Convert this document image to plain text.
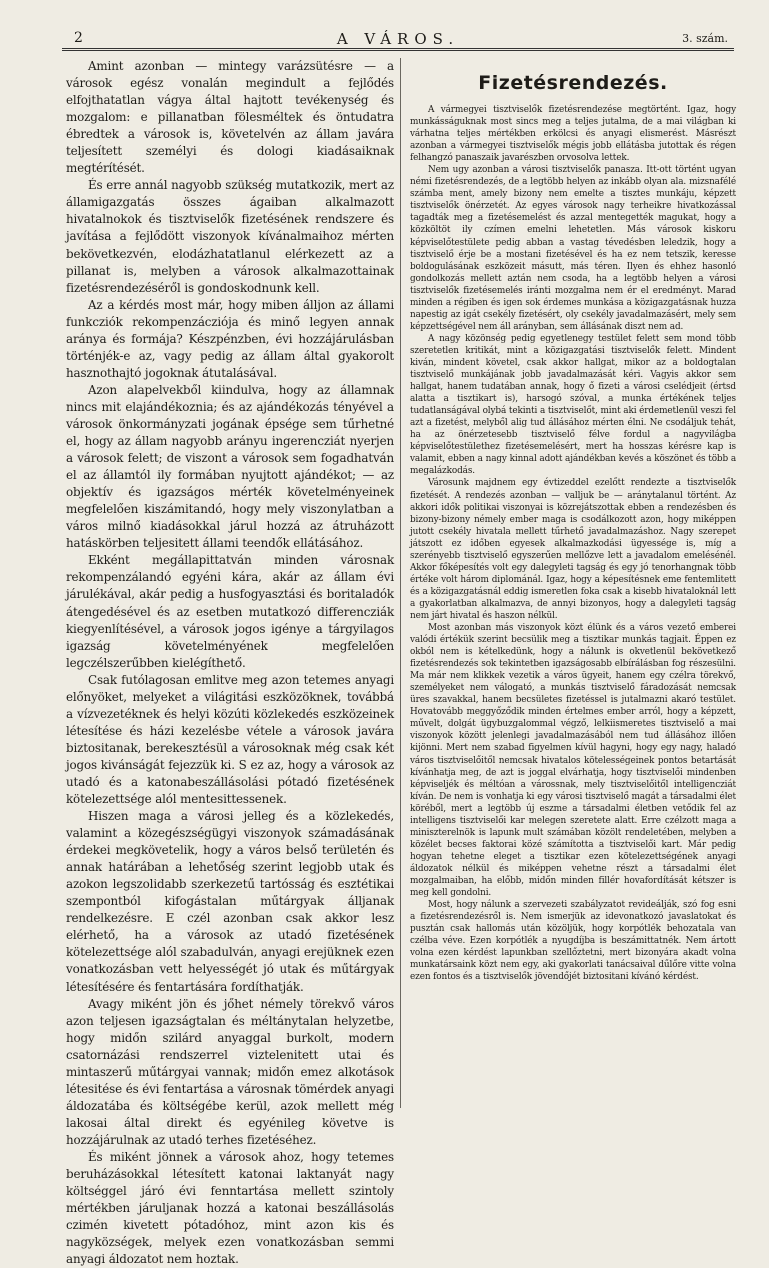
2	A VÁROS.	3. szám.

Amint azonban — mintegy varázsütésre — a városok egész vonalán megindult a fejlődés elfojthatatlan vágya által hajtott tevékenység és mozgalom: e pillanatban fölesméltek és öntudatra ébredtek a városok is, követelvén az állam javára teljesített személyi és dologi kiadásaiknak megtérítését.

És erre annál nagyobb szükség mutatkozik, mert az államigazgatás összes ágaiban alkalmazott hivatalnokok és tisztviselők fizetésének rendszere és javítása a fejlődött viszonyok kívánalmaihoz mérten bekövetkezvén, elodázhatatlanul elérkezett az a pillanat is, melyben a városok alkalmazottainak fizetésrendezéséről is gondoskodnunk kell.

Az a kérdés most már, hogy miben álljon az állami funkcziók rekompenzácziója és minő legyen annak aránya és formája? Készpénzben, évi hozzájárulásban történjék-e az, vagy pedig az állam által gyakorolt hasznothajtó jogoknak átutalásával.

Azon alapelvekből kiindulva, hogy az államnak nincs mit elajándékoznia; és az ajándékozás tényével a városok önkormányzati jogának épsége sem tűrhetné el, hogy az állam nagyobb arányu ingerencziát nyerjen a városok felett; de viszont a városok sem fogadhatván el az államtól ily formában nyujtott ajándékot; — az objektív és igazságos mérték követelményeinek megfelelően kiszámitandó, hogy mely viszonylatban a város milnő kiadásokkal járul hozzá az átruházott hatáskörben teljesitett állami teendők ellátásához.

Ekként megállapittatván minden városnak rekompenzálandó egyéni kára, akár az állam évi járulékával, akár pedig a husfogyasztási és boritaladók átengedésével és az esetben mutatkozó differencziák kiegyenlítésével, a városok jogos igénye a tárgyilagos igazság követelményének megfelelően legczélszerűbben kielégíthető.

Csak futólagosan emlitve meg azon tetemes anyagi előnyöket, melyeket a világitási eszközöknek, továbbá a vízvezetéknek és helyi közúti közlekedés eszközeinek létesítése és házi kezelésbe vétele a városok javára biztositanak, berekesztésül a városoknak még csak két jogos kivánságát fejezzük ki. S ez az, hogy a városok az utadó és a katonabeszállásolási pótadó fizetésének kötelezettsége alól mentesittessenek.

Hiszen maga a városi jelleg és a közlekedés, valamint a közegészségügyi viszonyok számadásának érdekei megkövetelik, hogy a város belső területén és annak határában a lehetőség szerint legjobb utak és azokon legszolidabb szerkezetű tartósság és esztétikai szempontból kifogástalan műtárgyak álljanak rendelkezésre. E czél azonban csak akkor lesz elérhető, ha a városok az utadó fizetésének kötelezettsége alól szabadulván, anyagi erejüknek ezen vonatkozásban vett helyességét jó utak és műtárgyak létesítésére és fentartására fordíthatják.

Avagy miként jön és jőhet némely törekvő város azon teljesen igazságtalan és méltánytalan helyzetbe, hogy midőn szilárd anyaggal burkolt, modern csatornázási rendszerrel viztelenitett utai és mintaszerű műtárgyai vannak; midőn emez alkotások létesitése és évi fentartása a városnak tömérdek anyagi áldozatába és költségébe kerül, azok mellett még lakosai által direkt és egyénileg követve is hozzájárulnak az utadó terhes fizetéséhez.

És miként jönnek a városok ahoz, hogy tetemes beruházásokkal létesített katonai laktanyát nagy költséggel járó évi fenntartása mellett szintoly mértékben járuljanak hozzá a katonai beszállásolás czimén kivetett pótadóhoz, mint azon kis és nagyközségek, melyek ezen vonatkozásban semmi anyagi áldozatot nem hoztak.

Fizetésrendezés.

A vármegyei tisztviselők fizetésrendezése megtörtént. Igaz, hogy munkásságuknak most sincs meg a teljes jutalma, de a mai világban ki várhatna teljes mértékben erkölcsi és anyagi elismerést. Másrészt azonban a vármegyei tisztviselők mégis jobb ellátásba jutottak és régen felhangzó panaszaik javarészben orvosolva lettek.

Nem ugy azonban a városi tisztviselők panasza. Itt-ott történt ugyan némi fizetésrendezés, de a legtöbb helyen az inkább olyan ala. mizsnafélé számba ment, amely bizony nem emelte a tisztes munkáju, képzett tisztviselők önérzetét. Az egyes városok nagy terheikre hivatkozással tagadták meg a fizetésemelést és azzal mentegették magukat, hogy a közköltöt ily czímen emelni lehetetlen. Más városok kiskoru képviselőtestülete pedig abban a vastag tévedésben leledzik, hogy a tisztviselő érje be a mostani fizetésével és ha ez nem tetszik, keresse boldogulásának eszközeit másutt, más téren. Ilyen és ehhez hasonló gondolkozás mellett aztán nem csoda, ha a legtöbb helyen a városi tisztviselők fizetésemelés iránti mozgalma nem ér el eredményt. Marad minden a régiben és igen sok érdemes munkása a közigazgatásnak huzza napestig az igát csekély fizetésért, oly csekély javadalmazásért, mely sem képzettségével nem áll arányban, sem állásának diszt nem ad.

A nagy közönség pedig egyetlenegy testület felett sem mond több szeretetlen kritikát, mint a közigazgatási tisztviselők felett. Mindent kiván, mindent követel, csak akkor hallgat, mikor az a boldogtalan tisztviselő munkájának jobb javadalmazását kéri. Vagyis akkor sem hallgat, hanem tudatában annak, hogy ő fizeti a városi cselédjeit (értsd alatta a tisztikart is), harsogó szóval, a munka értékének teljes tudatlanságával olybá tekinti a tisztviselőt, mint aki érdemetlenül veszi fel azt a fizetést, melyből alig tud állásához mérten élni. Ne csodáljuk tehát, ha az önérzetesebb tisztviselő félve fordul a nagyvilágba képviselőtestülethez fizetésemelésért, mert ha hosszas kérésre kap is valamit, ebben a nagy kinnal adott ajándékban kevés a köszönet és több a megalázkodás.

Városunk majdnem egy évtizeddel ezelőtt rendezte a tisztviselők fizetését. A rendezés azonban — valljuk be — aránytalanul történt. Az akkori idők politikai viszonyai is közrejátszottak ebben a rendezésben és bizony-bizony némely ember maga is csodálkozott azon, hogy miképpen jutott csekély hivatala mellett tűrhető javadalmazáshoz. Nagy szerepet játszott ez időben egyesek alkalmazkodási ügyessége is, míg a szerényebb tisztviselő egyszerűen mellőzve lett a javadalom emelésénél. Akkor főképesítés volt egy dalegyleti tagság és egy jó tenorhangnak több értéke volt három diplománál. Igaz, hogy a képesítésnek eme fentemlitett és a közigazgatásnál eddig ismeretlen foka csak a kisebb hivataloknál lett a gyakorlatban alkalmazva, de annyi bizonyos, hogy a dalegyleti tagság nem járt hivatal és haszon nélkül.

Most azonban más viszonyok közt élünk és a város vezető emberei valódi értékük szerint becsülik meg a tisztikar munkás tagjait. Éppen ez okból nem is kételkedünk, hogy a nálunk is okvetlenül bekövetkező fizetésrendezés sok tekintetben igazságosabb elbírálásban fog részesülni. Ma már nem klikkek vezetik a város ügyeit, hanem egy czélra törekvő, személyeket nem válogató, a munkás tisztviselő fáradozását nemcsak üres szavakkal, hanem becsületes fizetéssel is jutalmazni akaró testület. Hovatovább meggyőződik minden értelmes ember arról, hogy a képzett, művelt, dolgát ügybuzgalommal végző, lelkiismeretes tisztviselő a mai viszonyok között jelenlegi javadalmazásából nem tud állásához illően kijönni. Mert nem szabad figyelmen kívül hagyni, hogy egy nagy, haladó város tisztviselőitől nemcsak hivatalos kötelességeinek pontos betartását kívánhatja meg, de azt is joggal elvárhatja, hogy tisztviselői mindenben képviseljék és méltóan a várossnak, mely tisztviselőitől intelligencziát kíván. De nem is vonhatja ki egy városi tisztviselő magát a társadalmi élet köréből, mert a legtöbb új eszme a társadalmi életben vetődik fel az intelligens tisztviselői kar melegen szeretete alatt. Erre czélzott maga a miniszterelnök is lapunk mult számában közölt rendeletében, melyben a közélet becses faktorai közé számította a tisztviselői kart. Már pedig hogyan tehetne eleget a tisztikar ezen kötelezettségének anyagi áldozatok nélkül és miképpen vehetne részt a társadalmi élet mozgalmaiban, ha előbb, midőn minden fillér hovafordítását kétszer is meg kell gondolni.

Most, hogy nálunk a szervezeti szabályzatot revideálják, szó fog esni a fizetésrendezésről is. Nem ismerjük az idevonatkozó javaslatokat és pusztán csak hallomás után közöljük, hogy korpótlék behozatala van czélba véve. Ezen korpótlék a nyugdíjba is beszámittatnék. Nem ártott volna ezen kérdést lapunkban szellőztetni, mert bizonyára akadt volna munkatársaink közt nem egy, aki gyakorlati tanácsaival dűlőre vitte volna ezen fontos és a tisztviselők jövendőjét biztositani kívánó kérdést.
